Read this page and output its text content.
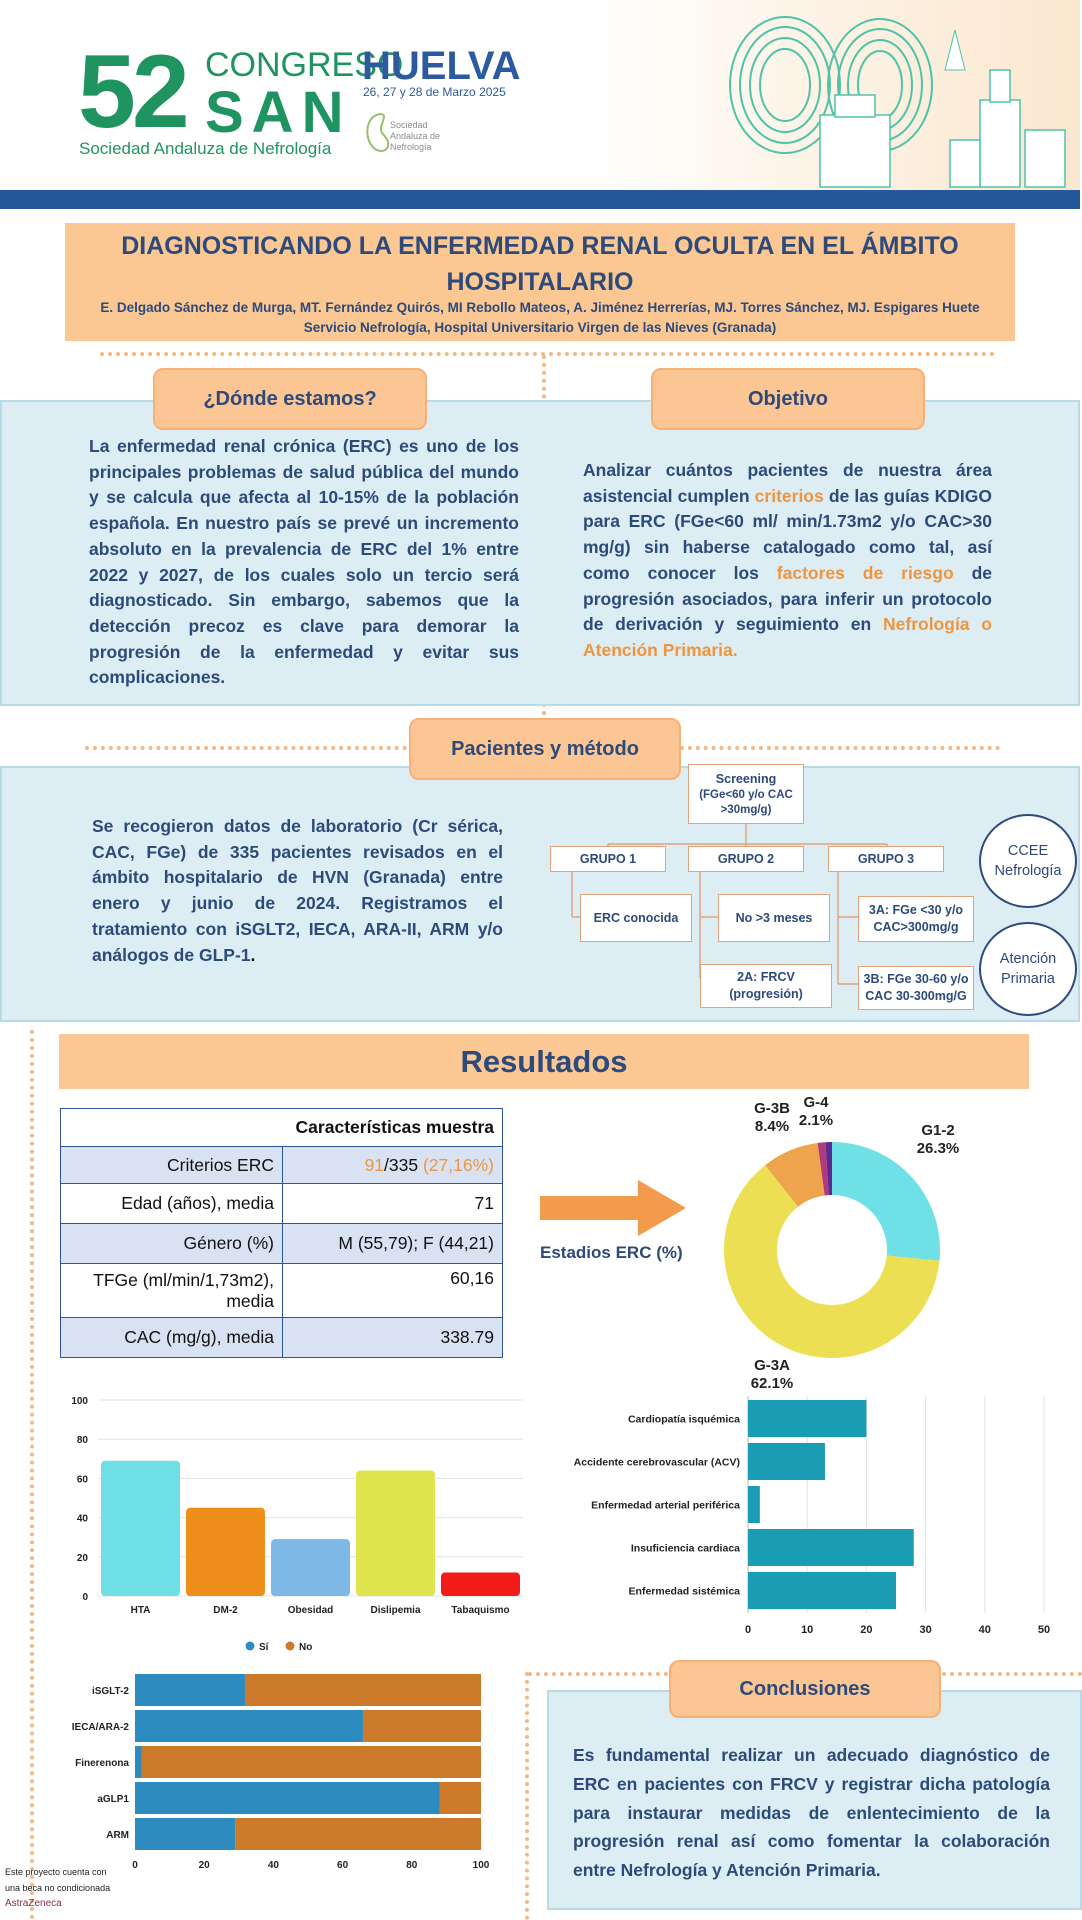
52 CONGRESO
SAN
Sociedad Andaluza de Nefrología
HUELVA
26, 27 y 28 de Marzo 2025
Sociedad Andaluza de Nefrología
DIAGNOSTICANDO LA ENFERMEDAD RENAL OCULTA EN EL ÁMBITO
HOSPITALARIO
E. Delgado Sánchez de Murga, MT. Fernández Quirós, MI Rebollo Mateos, A. Jiménez Herrerías, MJ. Torres Sánchez, MJ. Espigares Huete
Servicio Nefrología, Hospital Universitario Virgen de las Nieves (Granada)
¿Dónde estamos?	Objetivo
La enfermedad renal crónica (ERC) es uno de los principales problemas de salud pública del mundo y se calcula que afecta al 10-15% de la población española. En nuestro país se prevé un incremento absoluto en la prevalencia de ERC del 1% entre 2022 y 2027, de los cuales solo un tercio será diagnosticado. Sin embargo, sabemos que la detección precoz es clave para demorar la progresión de la enfermedad y evitar sus complicaciones.
Analizar cuántos pacientes de nuestra área asistencial cumplen criterios de las guías KDIGO para ERC (FGe<60 ml/ min/1.73m2 y/o CAC>30 mg/g) sin haberse catalogado como tal, así como conocer los factores de riesgo de progresión asociados, para inferir un protocolo de derivación y seguimiento en Nefrología o Atención Primaria.
Pacientes y método
Se recogieron datos de laboratorio (Cr sérica, CAC, FGe) de 335 pacientes revisados en el ámbito hospitalario de HVN (Granada) entre enero y junio de 2024. Registramos el tratamiento con iSGLT2, IECA, ARA-II, ARM y/o análogos de GLP-1.
Screening
(FGe<60 y/o CAC >30mg/g)
GRUPO 1	GRUPO 2	GRUPO 3
ERC conocida	No >3 meses
2A: FRCV (progresión)
3A: FGe <30 y/o CAC>300mg/g
3B: FGe 30-60 y/o CAC 30-300mg/G
CCEE Nefrología
Atención Primaria
Resultados
Características muestra	
Criterios ERC	91/335 (27,16%)
Edad (años), media	71
Género (%)	M (55,79); F (44,21)
TFGe (ml/min/1,73m2), media	60,16
CAC (mg/g), media	338.79
Estadios ERC (%)
G1-2
26.3%
G-3A
62.1%
G-3B
8.4%
G-4
2.1%
0
20
40
60
80
100
HTA	DM-2	Obesidad	Dislipemia	Tabaquismo
0	10	20	30	40	50
Cardiopatía isquémica
Accidente cerebrovascular (ACV)
Enfermedad arterial periférica
Insuficiencia cardiaca
Enfermedad sistémica
Sí	No
0	20	40	60	80	100
iSGLT-2
IECA/ARA-2
Finerenona
aGLP1
ARM
Conclusiones
Es fundamental realizar un adecuado diagnóstico de ERC en pacientes con FRCV y registrar dicha patología para instaurar medidas de enlentecimiento de la progresión renal así como fomentar la colaboración entre Nefrología y Atención Primaria.
Este proyecto cuenta con
una beca no condicionada
AstraZeneca
